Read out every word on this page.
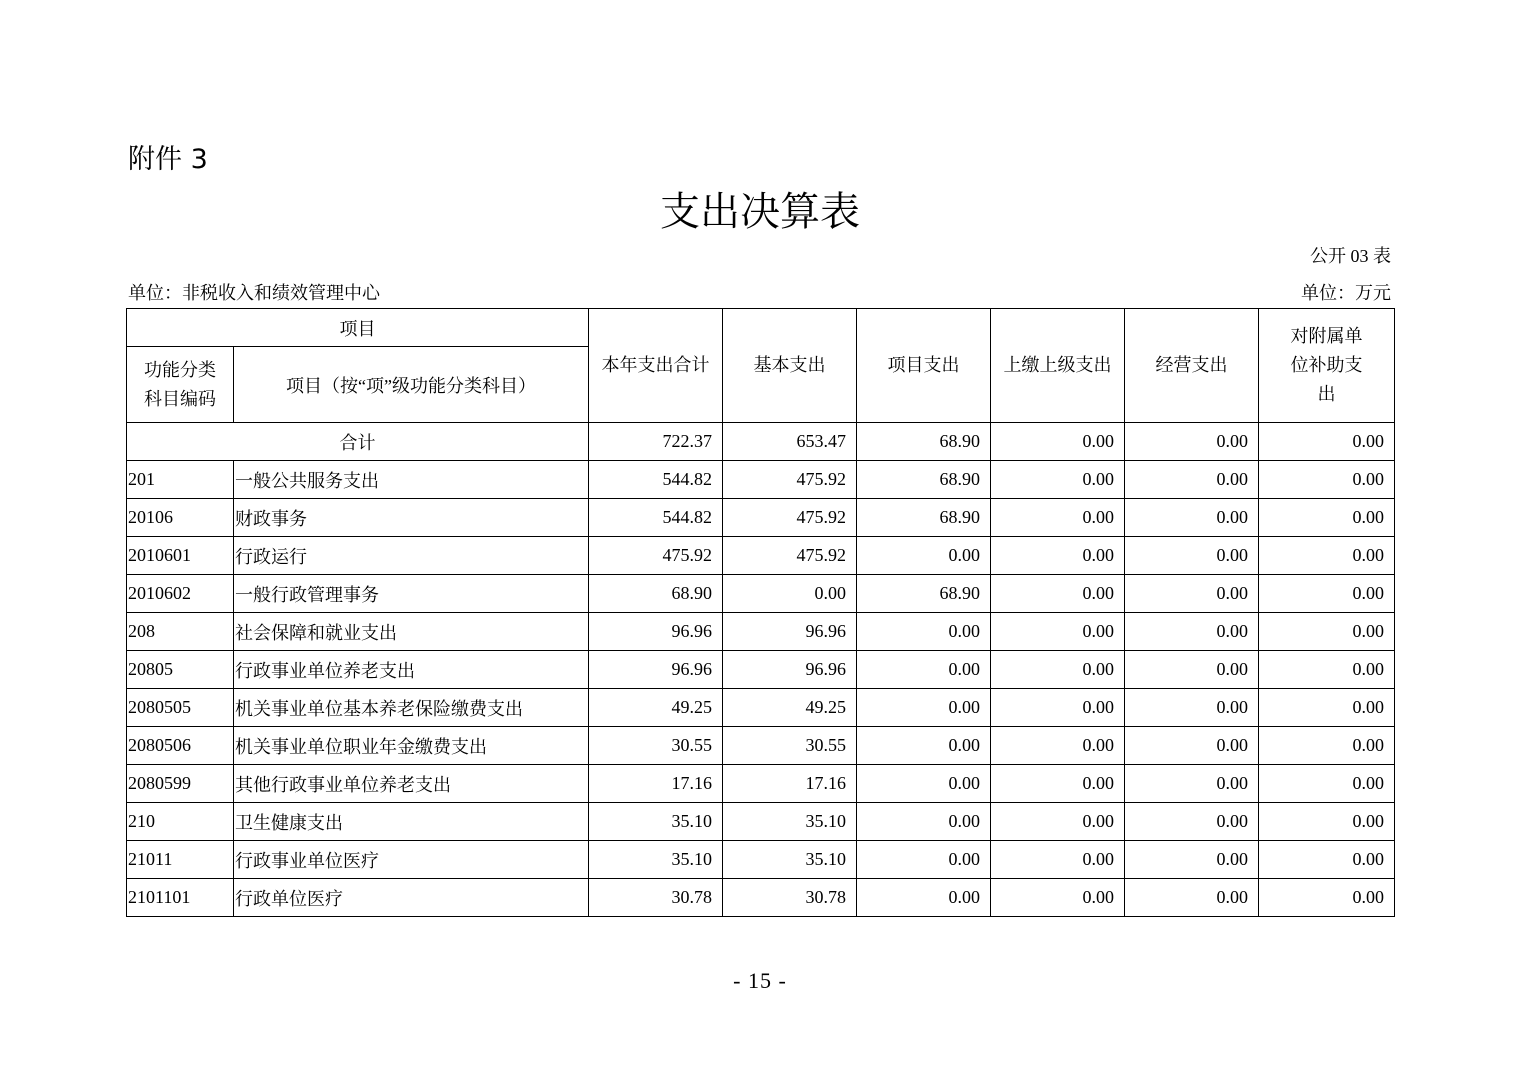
附件 3
支出决算表
公开 03 表
单位：非税收入和绩效管理中心	单位：万元
项目		本年支出合计	基本支出	项目支出	上缴上级支出	经营支出	对附属单位补助支出
功能分类科目编码	项目（按“项”级功能分类科目）						
合计		722.37	653.47	68.90	0.00	0.00	0.00
201	一般公共服务支出	544.82	475.92	68.90	0.00	0.00	0.00
20106	财政事务	544.82	475.92	68.90	0.00	0.00	0.00
2010601	行政运行	475.92	475.92	0.00	0.00	0.00	0.00
2010602	一般行政管理事务	68.90	0.00	68.90	0.00	0.00	0.00
208	社会保障和就业支出	96.96	96.96	0.00	0.00	0.00	0.00
20805	行政事业单位养老支出	96.96	96.96	0.00	0.00	0.00	0.00
2080505	机关事业单位基本养老保险缴费支出	49.25	49.25	0.00	0.00	0.00	0.00
2080506	机关事业单位职业年金缴费支出	30.55	30.55	0.00	0.00	0.00	0.00
2080599	其他行政事业单位养老支出	17.16	17.16	0.00	0.00	0.00	0.00
210	卫生健康支出	35.10	35.10	0.00	0.00	0.00	0.00
21011	行政事业单位医疗	35.10	35.10	0.00	0.00	0.00	0.00
2101101	行政单位医疗	30.78	30.78	0.00	0.00	0.00	0.00
- 15 -
